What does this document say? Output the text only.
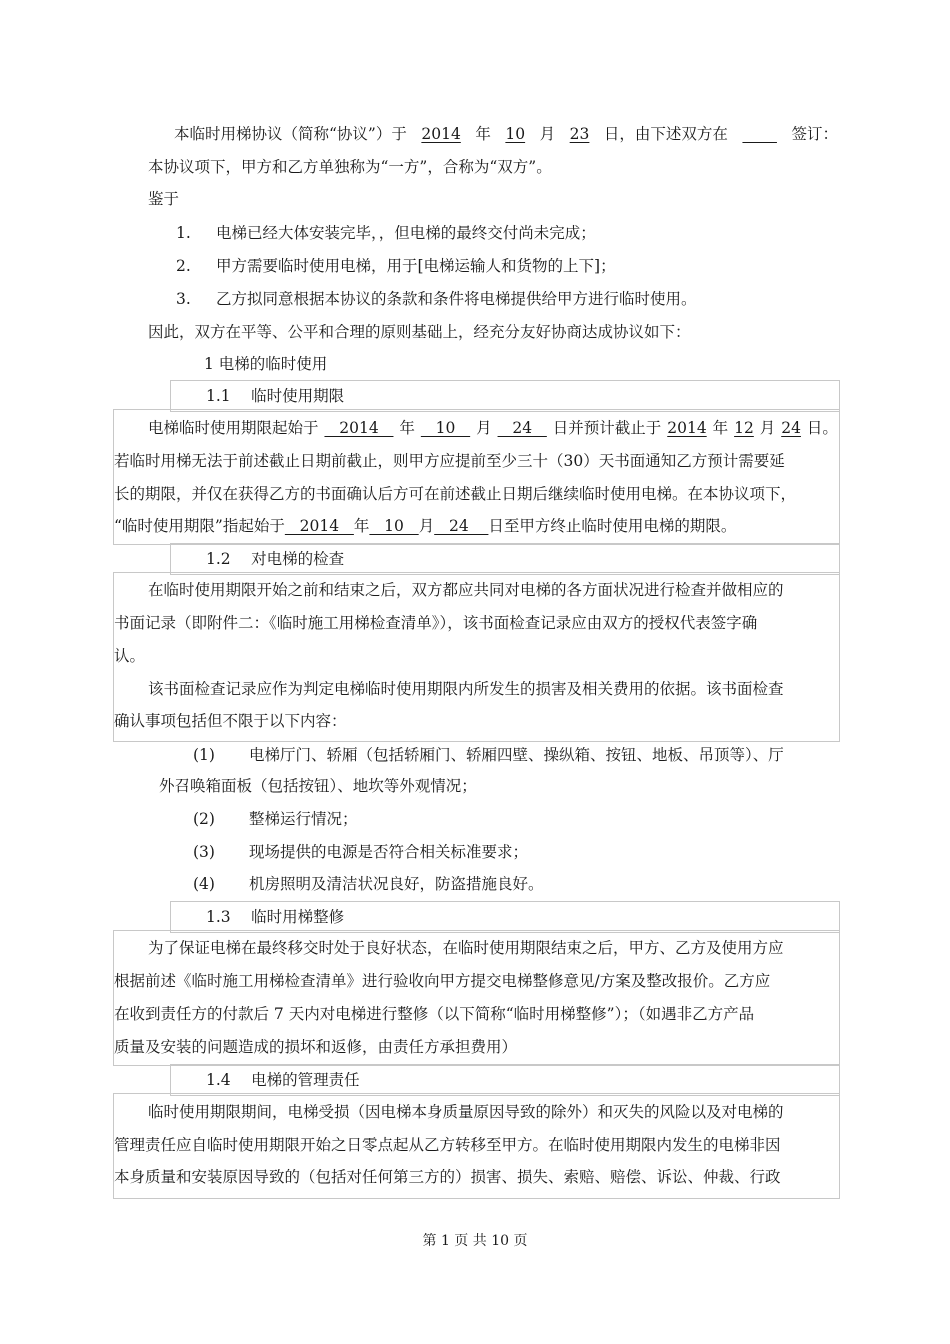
本临时用梯协议（简称“协议”）于 2014 年 10 月 23 日，由下述双方在
	签订：
本协议项下，甲方和乙方单独称为“一方”，合称为“双方”。
鉴于
1. 电梯已经大体安装完毕，，但电梯的最终交付尚未完成；
2. 甲方需要临时使用电梯，用于[电梯运输人和货物的上下]；
3. 乙方拟同意根据本协议的条款和条件将电梯提供给甲方进行临时使用。
因此，双方在平等、公平和合理的原则基础上，经充分友好协商达成协议如下：
1 电梯的临时使用
1.1　 临时使用期限
电梯临时使用期限起始于 2014 年 10 月 24 日并预计截止于 2014 年 12 月 24 日。
若临时用梯无法于前述截止日期前截止，则甲方应提前至少三十（30）天书面通知乙方预计需要延
长的期限，并仅在获得乙方的书面确认后方可在前述截止日期后继续临时使用电梯。在本协议项下，
“临时使用期限”指起始于   2014   年   10   月   24    日至甲方终止临时使用电梯的期限。
1.2　 对电梯的检查
在临时使用期限开始之前和结束之后，双方都应共同对电梯的各方面状况进行检查并做相应的
书面记录（即附件二：《临时施工用梯检查清单》），该书面检查记录应由双方的授权代表签字确
认。
该书面检查记录应作为判定电梯临时使用期限内所发生的损害及相关费用的依据。该书面检查
确认事项包括但不限于以下内容：
(1) 电梯厅门、轿厢（包括轿厢门、轿厢四壁、操纵箱、按钮、地板、吊顶等）、厅
外召唤箱面板（包括按钮）、地坎等外观情况；
(2) 整梯运行情况；
(3) 现场提供的电源是否符合相关标准要求；
(4) 机房照明及清洁状况良好，防盗措施良好。
1.3　 临时用梯整修
为了保证电梯在最终移交时处于良好状态，在临时使用期限结束之后，甲方、乙方及使用方应
根据前述《临时施工用梯检查清单》进行验收向甲方提交电梯整修意见/方案及整改报价。乙方应
在收到责任方的付款后 7 天内对电梯进行整修（以下简称“临时用梯整修”）；（如遇非乙方产品
质量及安装的问题造成的损坏和返修，由责任方承担费用）
1.4　 电梯的管理责任
临时使用期限期间，电梯受损（因电梯本身质量原因导致的除外）和灭失的风险以及对电梯的
管理责任应自临时使用期限开始之日零点起从乙方转移至甲方。在临时使用期限内发生的电梯非因
本身质量和安装原因导致的（包括对任何第三方的）损害、损失、索赔、赔偿、诉讼、仲裁、行政
第 1 页 共 10 页
